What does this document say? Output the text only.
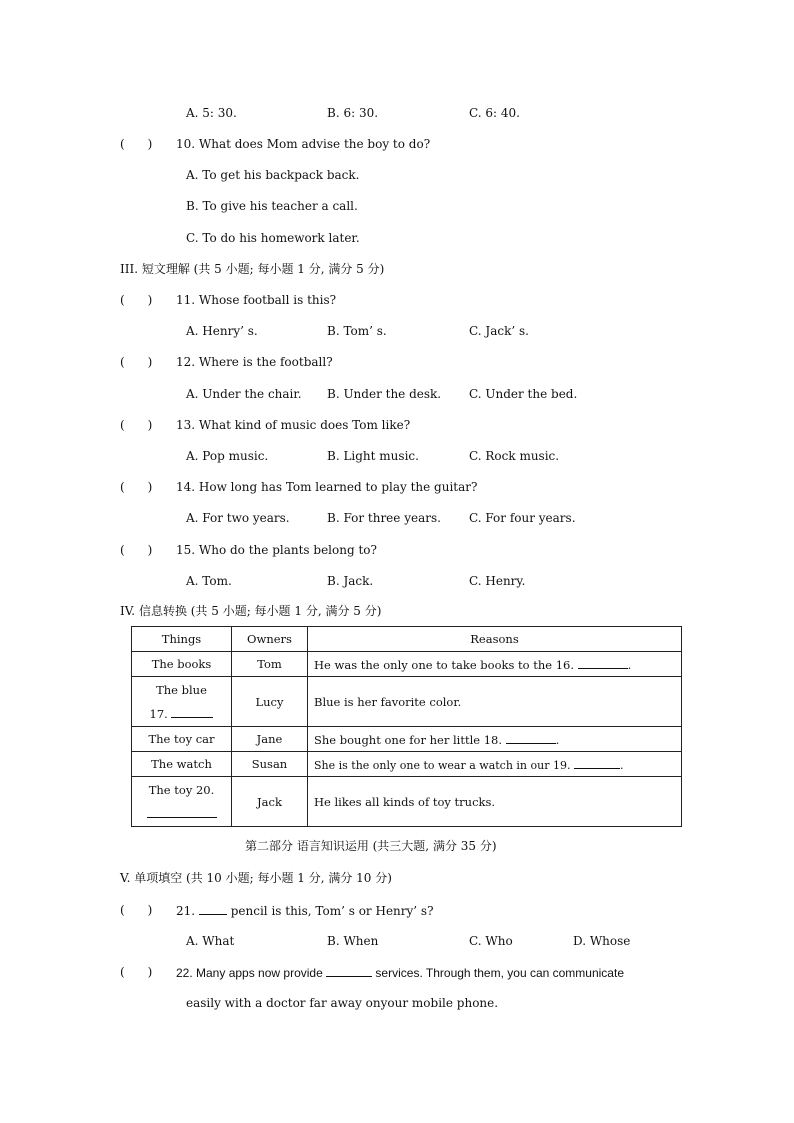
A. 5: 30.	B. 6: 30.	C. 6: 40.
(      ) 10. What does Mom advise the boy to do?
A. To get his backpack back.
B. To give his teacher a call.
C. To do his homework later.
III. 短文理解 (共 5 小题; 每小题 1 分, 满分 5 分)
(      ) 11. Whose football is this?
A. Henry’ s.	B. Tom’ s.	C. Jack’ s.
(      ) 12. Where is the football?
A. Under the chair. B. Under the desk. C. Under the bed.
(      ) 13. What kind of music does Tom like?
A. Pop music.	B. Light music.	C. Rock music.
(      ) 14. How long has Tom learned to play the guitar?
A. For two years.	B. For three years. C. For four years.
(      ) 15. Who do the plants belong to?
A. Tom.	B. Jack.	C. Henry.
IV. 信息转换 (共 5 小题; 每小题 1 分, 满分 5 分)
Things	Owners	Reasons
The books	Tom	He was the only one to take books to the 16. .

The blue
17.	Lucy	Blue is her favorite color.
The toy car	Jane	She bought one for her little 18. .
The watch	Susan	She is the only one to wear a watch in our 19. .

The toy 20.	Jack	He likes all kinds of toy trucks.
第二部分 语言知识运用 (共三大题, 满分 35 分)
V. 单项填空 (共 10 小题; 每小题 1 分, 满分 10 分)
(      ) 21.  pencil is this, Tom’ s or Henry’ s?
A. What	B. When	C. Who	D. Whose
(      ) 22. Many apps now provide	services. Through them, you can communicate
easily with a doctor far away onyour mobile phone.
